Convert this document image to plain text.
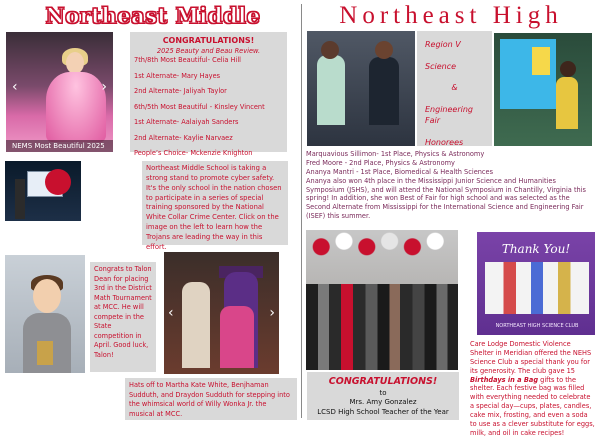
Northeast Middle
‹	›
NEMS Most Beautiful 2025

CONGRATULATIONS!

2025 Beauty and Beau Review.

7th/8th Most Beautiful- Celia Hill

1st Alternate- Mary Hayes

2nd Alternate- Jaliyah Taylor

6th/5th Most Beautiful - Kinsley Vincent

1st Alternate- Aalaiyah Sanders

2nd Alternate- Kaylie Narvaez

People’s Choice- Mckenzie Knighton

Northeast Middle School is taking a strong stand to promote cyber safety. It's the only school in the nation chosen to participate in a series of special training sponsored by the National White Collar Crime Center. Click on the image on the left to learn how the Trojans are leading the way in this effort.

Congrats to Talon Dean for placing 3rd in the District Math Tournament at MCC. He will compete in the State competition in April. Good luck, Talon!

‹	›

Hats off to Martha Kate White, Benjhaman Sudduth, and Draydon Sudduth for stepping into the whimsical world of Willy Wonka Jr. the musical at MCC.

Northeast High

Region V

Science

&

Engineering Fair

Honorees

Marquavious Sillimon- 1st Place, Physics & Astronomy

Fred Moore - 2nd Place, Physics & Astronomy

Ananya Mantri - 1st Place, Biomedical & Health Sciences

Ananya also won 4th place in the Mississippi Junior Science and Humanities Symposium (JSHS), and will attend the National Symposium in Chantilly, Virginia this spring! In addition, she won Best of Fair for high school and was selected as the Second Alternate from Mississippi for the International Science and Engineering Fair (ISEF) this summer.

CONGRATULATIONS!
to
Mrs. Amy Gonzalez
LCSD High School Teacher of the Year
Thank You!
NORTHEAST HIGH SCIENCE CLUB
Care Lodge Domestic Violence Shelter in Meridian offered the NEHS Science Club a special thank you for its generosity. The club gave 15 Birthdays in a Bag gifts to the shelter. Each festive bag was filled with everything needed to celebrate a special day—cups, plates, candles, cake mix, frosting, and even a soda to use as a clever substitute for eggs, milk, and oil in cake recipes!
